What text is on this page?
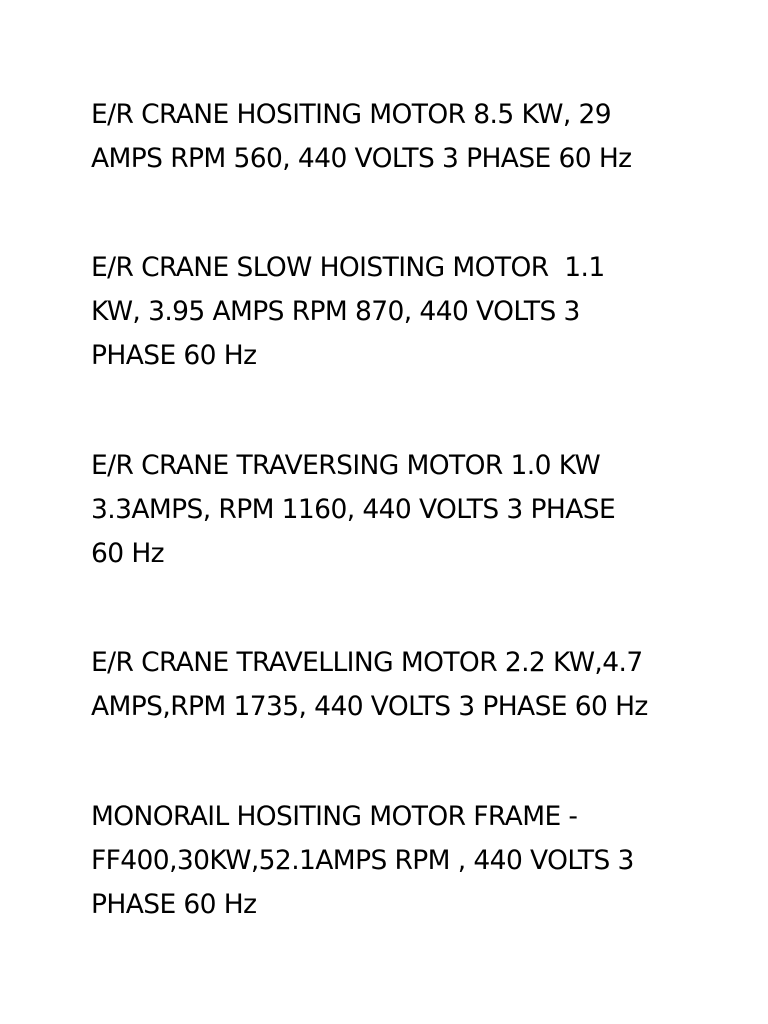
E/R CRANE HOSITING MOTOR 8.5 KW, 29
AMPS RPM 560, 440 VOLTS 3 PHASE 60 Hz

E/R CRANE SLOW HOISTING MOTOR  1.1
KW, 3.95 AMPS RPM 870, 440 VOLTS 3
PHASE 60 Hz

E/R CRANE TRAVERSING MOTOR 1.0 KW
3.3AMPS, RPM 1160, 440 VOLTS 3 PHASE
60 Hz

E/R CRANE TRAVELLING MOTOR 2.2 KW,4.7
AMPS,RPM 1735, 440 VOLTS 3 PHASE 60 Hz

MONORAIL HOSITING MOTOR FRAME -
FF400,30KW,52.1AMPS RPM , 440 VOLTS 3
PHASE 60 Hz
